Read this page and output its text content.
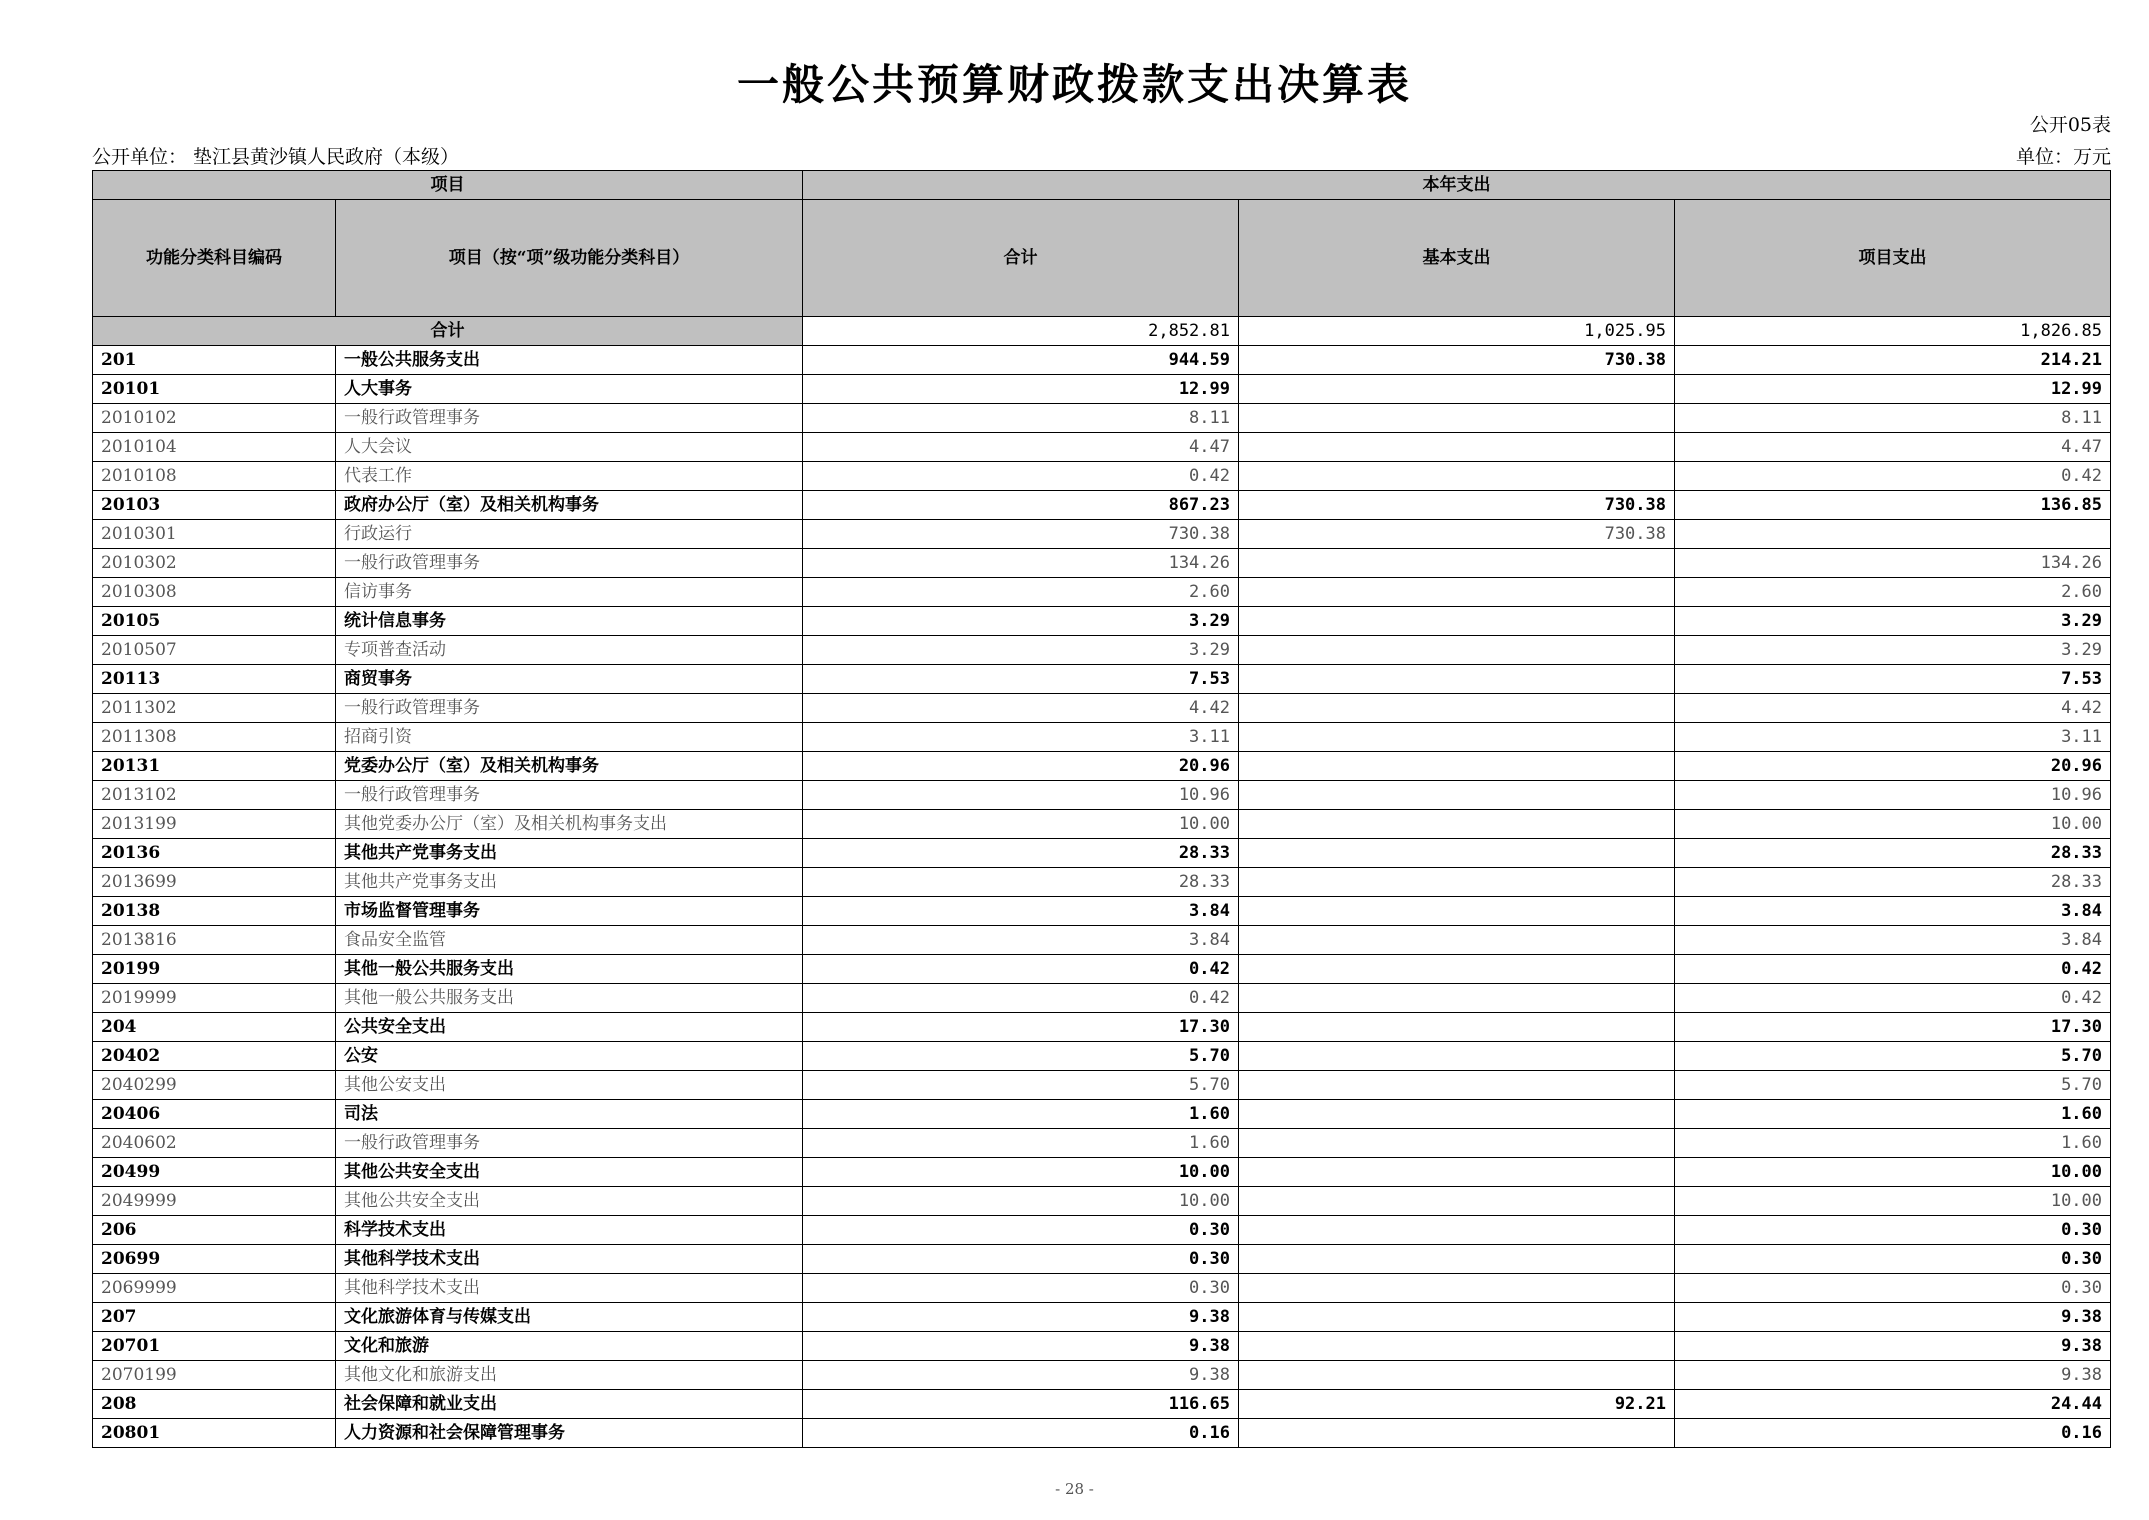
一般公共预算财政拨款支出决算表
公开05表
公开单位： 垫江县黄沙镇人民政府（本级）	单位：万元
项目		本年支出		
功能分类科目编码	项目（按“项”级功能分类科目）	合计	基本支出	项目支出
合计		2,852.81	1,025.95	1,826.85
201	一般公共服务支出	944.59	730.38	214.21
20101	人大事务	12.99		12.99
2010102	一般行政管理事务	8.11		8.11
2010104	人大会议	4.47		4.47
2010108	代表工作	0.42		0.42
20103	政府办公厅（室）及相关机构事务	867.23	730.38	136.85
2010301	行政运行	730.38	730.38	
2010302	一般行政管理事务	134.26		134.26
2010308	信访事务	2.60		2.60
20105	统计信息事务	3.29		3.29
2010507	专项普查活动	3.29		3.29
20113	商贸事务	7.53		7.53
2011302	一般行政管理事务	4.42		4.42
2011308	招商引资	3.11		3.11
20131	党委办公厅（室）及相关机构事务	20.96		20.96
2013102	一般行政管理事务	10.96		10.96
2013199	其他党委办公厅（室）及相关机构事务支出	10.00		10.00
20136	其他共产党事务支出	28.33		28.33
2013699	其他共产党事务支出	28.33		28.33
20138	市场监督管理事务	3.84		3.84
2013816	食品安全监管	3.84		3.84
20199	其他一般公共服务支出	0.42		0.42
2019999	其他一般公共服务支出	0.42		0.42
204	公共安全支出	17.30		17.30
20402	公安	5.70		5.70
2040299	其他公安支出	5.70		5.70
20406	司法	1.60		1.60
2040602	一般行政管理事务	1.60		1.60
20499	其他公共安全支出	10.00		10.00
2049999	其他公共安全支出	10.00		10.00
206	科学技术支出	0.30		0.30
20699	其他科学技术支出	0.30		0.30
2069999	其他科学技术支出	0.30		0.30
207	文化旅游体育与传媒支出	9.38		9.38
20701	文化和旅游	9.38		9.38
2070199	其他文化和旅游支出	9.38		9.38
208	社会保障和就业支出	116.65	92.21	24.44
20801	人力资源和社会保障管理事务	0.16		0.16
- 28 -
